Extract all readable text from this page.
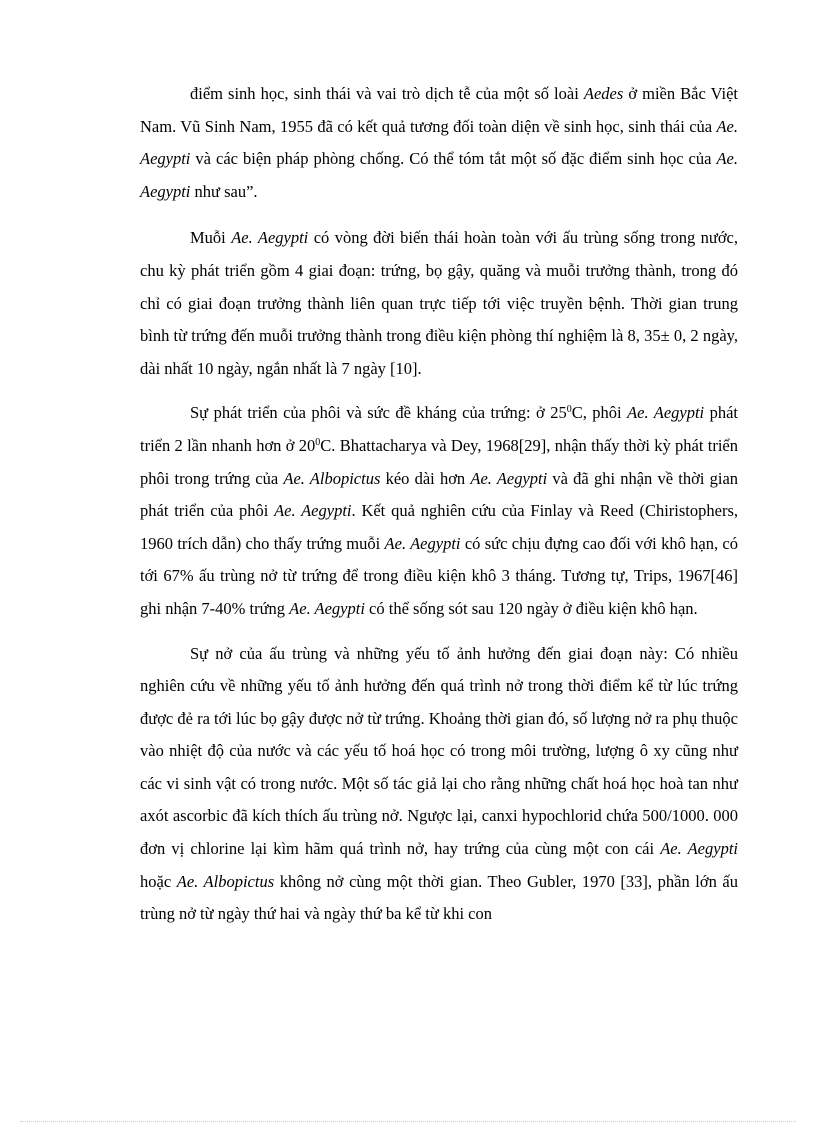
điểm sinh học, sinh thái và vai trò dịch tễ của một số loài Aedes ở miền Bắc Việt Nam. Vũ Sinh Nam, 1955 đã có kết quả tương đối toàn diện về sinh học, sinh thái của Ae. Aegypti và các biện pháp phòng chống. Có thể tóm tắt một số đặc điểm sinh học của Ae. Aegypti như sau”.

Muỗi Ae. Aegypti có vòng đời biến thái hoàn toàn với ấu trùng sống trong nước, chu kỳ phát triển gồm 4 giai đoạn: trứng, bọ gậy, quăng và muỗi trưởng thành, trong đó chỉ có giai đoạn trưởng thành liên quan trực tiếp tới việc truyền bệnh. Thời gian trung bình từ trứng đến muỗi trưởng thành trong điều kiện phòng thí nghiệm là 8, 35± 0, 2 ngày, dài nhất 10 ngày, ngắn nhất là 7 ngày [10].

Sự phát triển của phôi và sức đề kháng của trứng: ở $25^0C$, phôi Ae. Aegypti phát triển 2 lần nhanh hơn ở $20^0C$. Bhattacharya và Dey, 1968[29], nhận thấy thời kỳ phát triển phôi trong trứng của Ae. Albopictus kéo dài hơn Ae. Aegypti và đã ghi nhận về thời gian phát triển của phôi Ae. Aegypti. Kết quả nghiên cứu của Finlay và Reed (Chiristophers, 1960 trích dẫn) cho thấy trứng muỗi Ae. Aegypti có sức chịu đựng cao đối với khô hạn, có tới 67% ấu trùng nở từ trứng để trong điều kiện khô 3 tháng. Tương tự, Trips, 1967[46] ghi nhận 7-40% trứng Ae. Aegypti có thể sống sót sau 120 ngày ở điều kiện khô hạn.

Sự nở của ấu trùng và những yếu tố ảnh hưởng đến giai đoạn này: Có nhiều nghiên cứu về những yếu tố ảnh hưởng đến quá trình nở trong thời điểm kể từ lúc trứng được đẻ ra tới lúc bọ gậy được nở từ trứng. Khoảng thời gian đó, số lượng nở ra phụ thuộc vào nhiệt độ của nước và các yếu tố hoá học có trong môi trường, lượng ô xy cũng như các vi sinh vật có trong nước. Một số tác giả lại cho rằng những chất hoá học hoà tan như axót ascorbic đã kích thích ấu trùng nở. Ngược lại, canxi hypochlorid chứa 500/1000. 000 đơn vị chlorine lại kìm hãm quá trình nở, hay trứng của cùng một con cái Ae. Aegypti hoặc Ae. Albopictus không nở cùng một thời gian. Theo Gubler, 1970 [33], phần lớn ấu trùng nở từ ngày thứ hai và ngày thứ ba kể từ khi con
